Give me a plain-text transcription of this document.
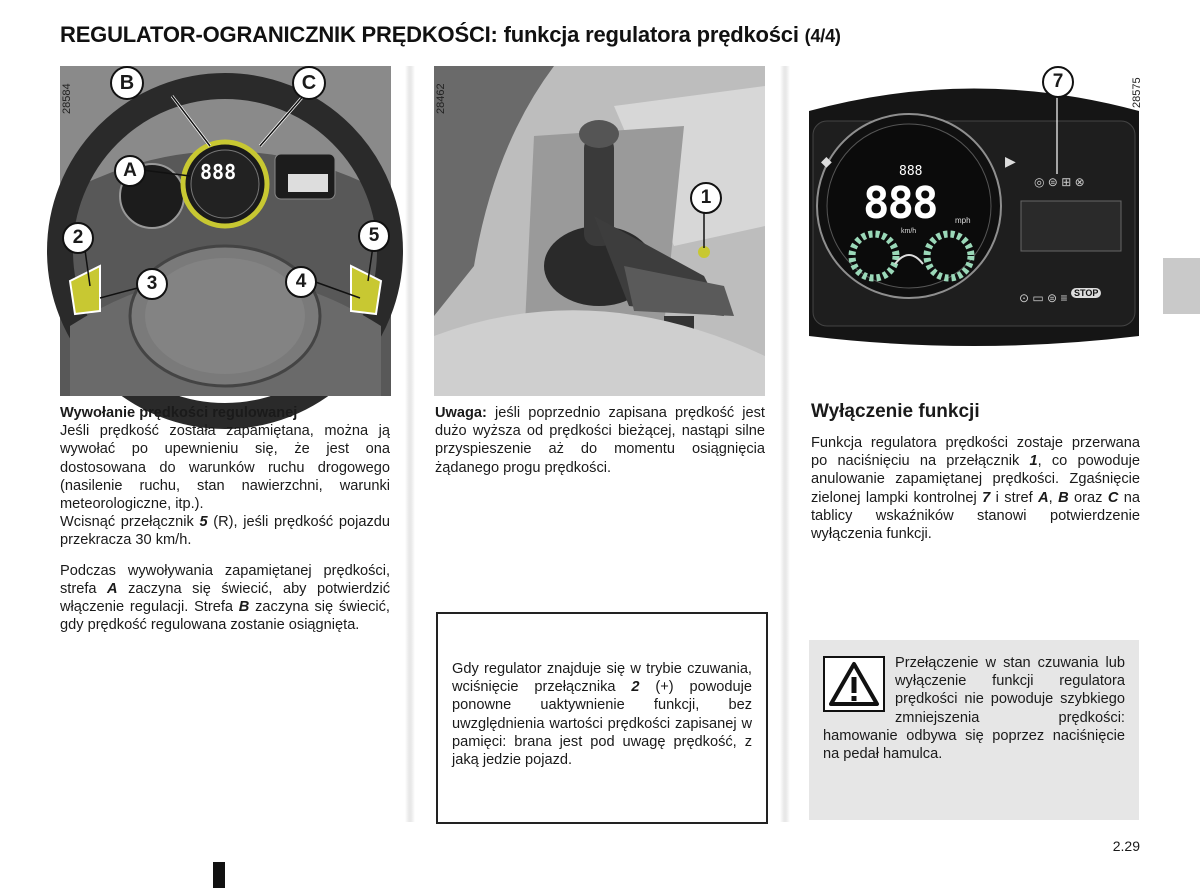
REGULATOR-OGRANICZNIK PRĘDKOŚCI: funkcja regulatora prędkości (4/4)
28584
B	C
A
2
3	4
5
888
28462
1
◆	▶
◎ ⊜ ⊞ ⊗
⊙ ▭ ⊜ ≡
28575
7
888
888 mph
km/h
STOP

Wywołanie prędkości regulowanej
Jeśli prędkość została zapamiętana, można ją wywołać po upewnieniu się, że jest ona dostosowana do warunków ruchu drogowego (nasilenie ruchu, stan nawierzchni, warunki meteorologiczne, itp.).
Wcisnąć przełącznik 5 (R), jeśli prędkość pojazdu przekracza 30 km/h.

Podczas wywoływania zapamiętanej prędkości, strefa A zaczyna się świecić, aby potwierdzić włączenie regulacji. Strefa B zaczyna się świecić, gdy prędkość regulowana zostanie osiągnięta.

Uwaga: jeśli poprzednio zapisana prędkość jest dużo wyższa od prędkości bieżącej, nastąpi silne przyspieszenie aż do momentu osiągnięcia żądanego progu prędkości.

Gdy regulator znajduje się w trybie czuwania, wciśnięcie przełącznika 2 (+) powoduje ponowne uaktywnienie funkcji, bez uwzględnienia wartości prędkości zapisanej w pamięci: brana jest pod uwagę prędkość, z jaką jedzie pojazd.
Wyłączenie funkcji

Funkcja regulatora prędkości zostaje przerwana po naciśnięciu na przełącznik 1, co powoduje anulowanie zapamiętanej prędkości. Zgaśnięcie zielonej lampki kontrolnej 7 i stref A, B oraz C na tablicy wskaźników stanowi potwierdzenie wyłączenia funkcji.

Przełączenie w stan czuwania lub wyłączenie funkcji regulatora prędkości nie powoduje szybkiego zmniejszenia prędkości: hamowanie odbywa się poprzez naciśnięcie na pedał hamulca.
2.29
